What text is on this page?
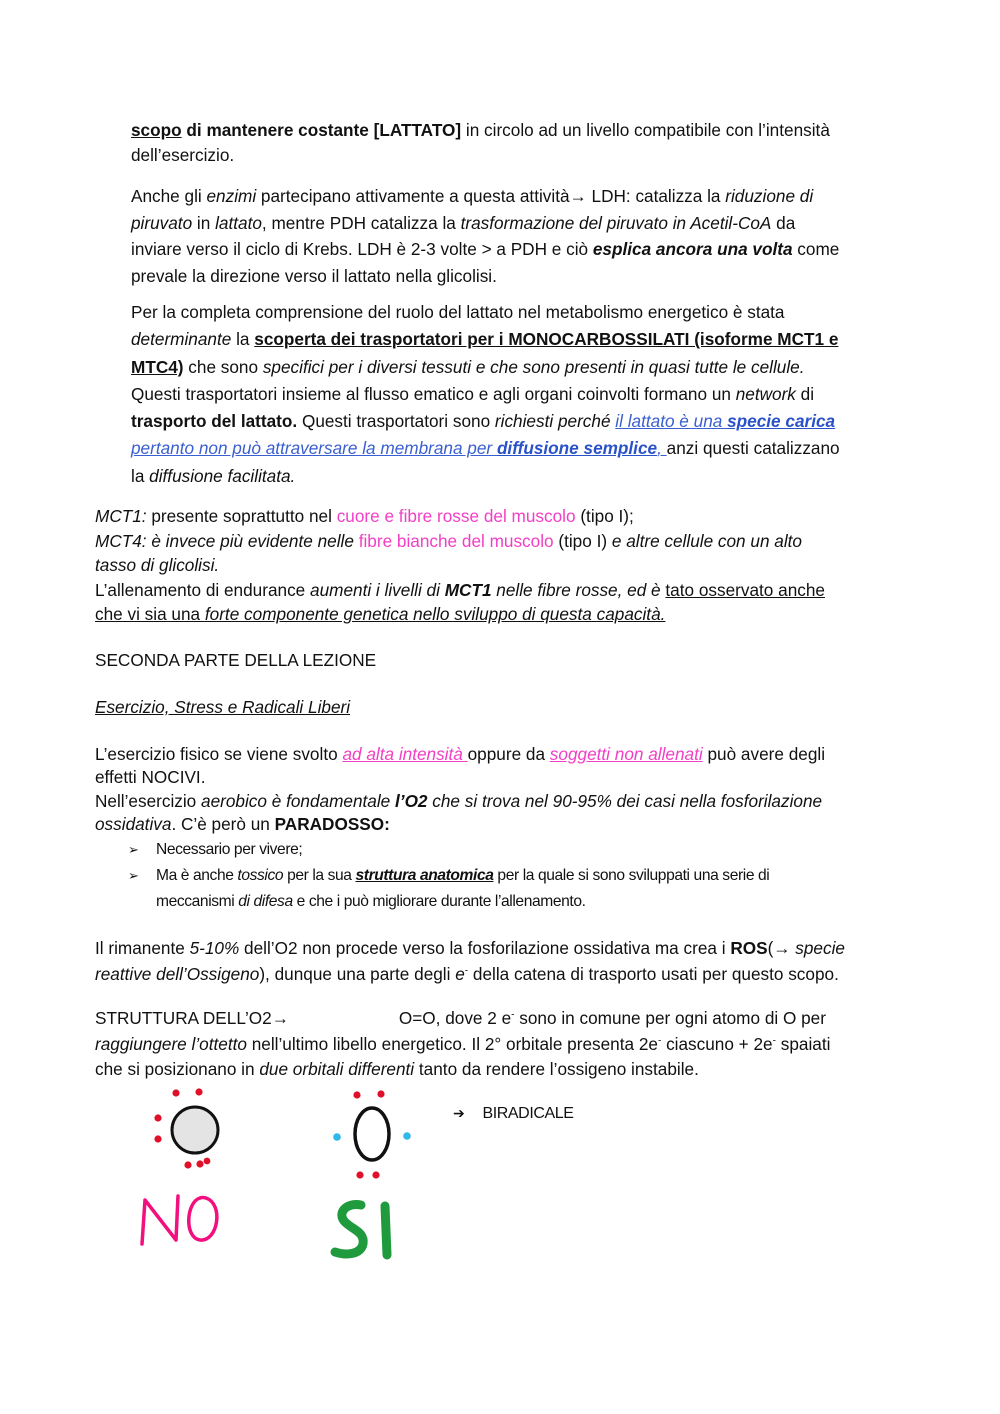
scopo di mantenere costante [LATTATO] in circolo ad un livello compatibile con l’intensità
dell’esercizio.
Anche gli enzimi partecipano attivamente a questa attività→ LDH: catalizza la riduzione di
piruvato in lattato, mentre PDH catalizza la trasformazione del piruvato in Acetil-CoA da
inviare verso il ciclo di Krebs. LDH è 2-3 volte > a PDH e ciò esplica ancora una volta come
prevale la direzione verso il lattato nella glicolisi.
Per la completa comprensione del ruolo del lattato nel metabolismo energetico è stata
determinante la scoperta dei trasportatori per i MONOCARBOSSILATI (isoforme MCT1 e
MTC4) che sono specifici per i diversi tessuti e che sono presenti in quasi tutte le cellule.
Questi trasportatori insieme al flusso ematico e agli organi coinvolti formano un network di
trasporto del lattato. Questi trasportatori sono richiesti perché il lattato è una specie carica
pertanto non può attraversare la membrana per diffusione semplice, anzi questi catalizzano
la diffusione facilitata.
MCT1: presente soprattutto nel cuore e fibre rosse del muscolo (tipo I);
MCT4: è invece più evidente nelle fibre bianche del muscolo (tipo I) e altre cellule con un alto
tasso di glicolisi.
L’allenamento di endurance aumenti i livelli di MCT1 nelle fibre rosse, ed è tato osservato anche
che vi sia una forte componente genetica nello sviluppo di questa capacità.
SECONDA PARTE DELLA LEZIONE
Esercizio, Stress e Radicali Liberi
L’esercizio fisico se viene svolto ad alta intensità oppure da soggetti non allenati può avere degli
effetti NOCIVI.
Nell’esercizio aerobico è fondamentale l’O2 che si trova nel 90-95% dei casi nella fosforilazione
ossidativa. C’è però un PARADOSSO:
➢ Necessario per vivere;
➢ Ma è anche tossico per la sua struttura anatomica per la quale si sono sviluppati una serie di
meccanismi di difesa e che i può migliorare durante l’allenamento.
Il rimanente 5-10% dell’O2 non procede verso la fosforilazione ossidativa ma crea i ROS(→ specie
reattive dell’Ossigeno), dunque una parte degli e- della catena di trasporto usati per questo scopo.
STRUTTURA DELL’O2→	O=O, dove 2 e- sono in comune per ogni atomo di O per
raggiungere l’ottetto nell’ultimo libello energetico. Il 2° orbitale presenta 2e- ciascuno + 2e- spaiati
che si posizionano in due orbitali differenti tanto da rendere l’ossigeno instabile.
➔ BIRADICALE
